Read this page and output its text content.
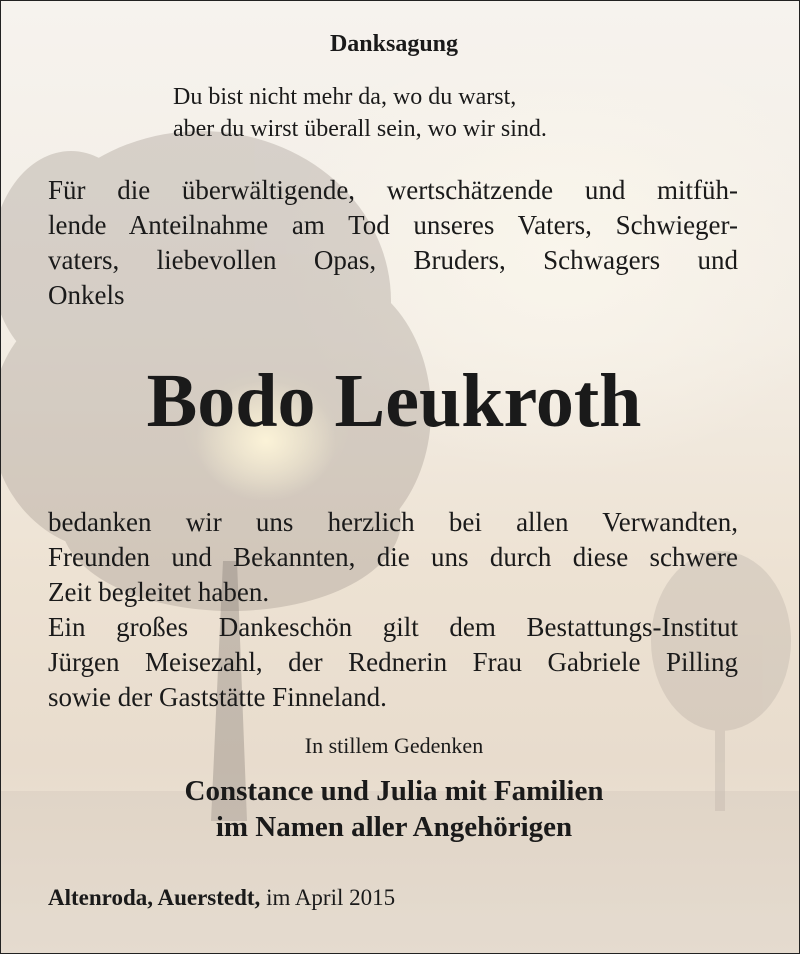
Danksagung
Du bist nicht mehr da, wo du warst,
aber du wirst überall sein, wo wir sind.
Für die überwältigende, wertschätzende und mitfüh-
lende Anteilnahme am Tod unseres Vaters, Schwieger-
vaters, liebevollen Opas, Bruders, Schwagers und
Onkels
Bodo Leukroth
bedanken wir uns herzlich bei allen Verwandten,
Freunden und Bekannten, die uns durch diese schwere
Zeit begleitet haben.
Ein großes Dankeschön gilt dem Bestattungs-Institut
Jürgen Meisezahl, der Rednerin Frau Gabriele Pilling
sowie der Gaststätte Finneland.
In stillem Gedenken
Constance und Julia mit Familien
im Namen aller Angehörigen
Altenroda, Auerstedt, im April 2015
